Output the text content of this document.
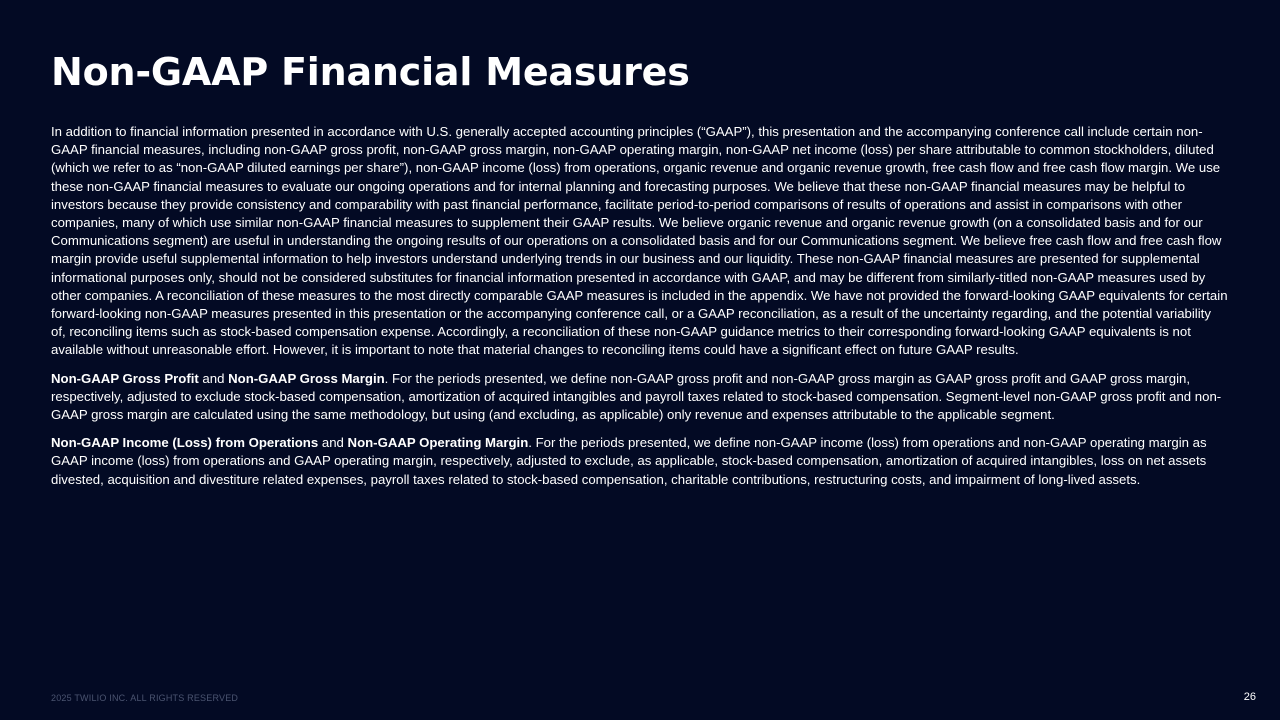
Non-GAAP Financial Measures

In addition to financial information presented in accordance with U.S. generally accepted accounting principles (“GAAP”), this presentation and the accompanying conference call include certain non-GAAP financial measures, including non-GAAP gross profit, non-GAAP gross margin, non-GAAP operating margin, non-GAAP net income (loss) per share attributable to common stockholders, diluted (which we refer to as “non-GAAP diluted earnings per share”), non-GAAP income (loss) from operations, organic revenue and organic revenue growth, free cash flow and free cash flow margin. We use these non-GAAP financial measures to evaluate our ongoing operations and for internal planning and forecasting purposes. We believe that these non-GAAP financial measures may be helpful to investors because they provide consistency and comparability with past financial performance, facilitate period-to-period comparisons of results of operations and assist in comparisons with other companies, many of which use similar non-GAAP financial measures to supplement their GAAP results. We believe organic revenue and organic revenue growth (on a consolidated basis and for our Communications segment) are useful in understanding the ongoing results of our operations on a consolidated basis and for our Communications segment. We believe free cash flow and free cash flow margin provide useful supplemental information to help investors understand underlying trends in our business and our liquidity. These non-GAAP financial measures are presented for supplemental informational purposes only, should not be considered substitutes for financial information presented in accordance with GAAP, and may be different from similarly-titled non-GAAP measures used by other companies. A reconciliation of these measures to the most directly comparable GAAP measures is included in the appendix. We have not provided the forward-looking GAAP equivalents for certain forward-looking non-GAAP measures presented in this presentation or the accompanying conference call, or a GAAP reconciliation, as a result of the uncertainty regarding, and the potential variability of, reconciling items such as stock-based compensation expense. Accordingly, a reconciliation of these non-GAAP guidance metrics to their corresponding forward-looking GAAP equivalents is not available without unreasonable effort. However, it is important to note that material changes to reconciling items could have a significant effect on future GAAP results.

Non-GAAP Gross Profit and Non-GAAP Gross Margin. For the periods presented, we define non-GAAP gross profit and non-GAAP gross margin as GAAP gross profit and GAAP gross margin, respectively, adjusted to exclude stock-based compensation, amortization of acquired intangibles and payroll taxes related to stock-based compensation. Segment-level non-GAAP gross profit and non-GAAP gross margin are calculated using the same methodology, but using (and excluding, as applicable) only revenue and expenses attributable to the applicable segment.

Non-GAAP Income (Loss) from Operations and Non-GAAP Operating Margin. For the periods presented, we define non-GAAP income (loss) from operations and non-GAAP operating margin as GAAP income (loss) from operations and GAAP operating margin, respectively, adjusted to exclude, as applicable, stock-based compensation, amortization of acquired intangibles, loss on net assets divested, acquisition and divestiture related expenses, payroll taxes related to stock-based compensation, charitable contributions, restructuring costs, and impairment of long-lived assets.

2025 TWILIO INC. ALL RIGHTS RESERVED	26
